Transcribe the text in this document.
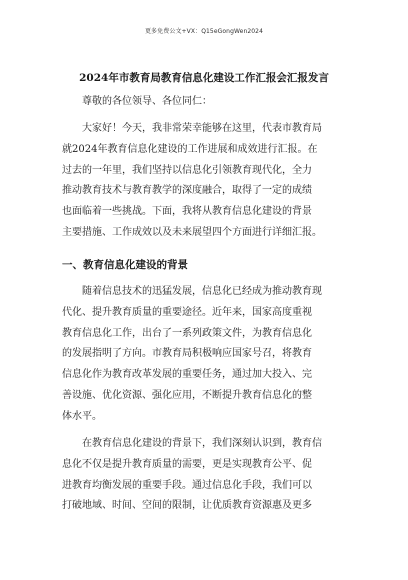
更多免费公文+VX：Q15eGongWen2024
2024年市教育局教育信息化建设工作汇报会汇报发言
尊敬的各位领导、各位同仁：
大家好！今天，我非常荣幸能够在这里，代表市教育局
就2024年教育信息化建设的工作进展和成效进行汇报。在
过去的一年里，我们坚持以信息化引领教育现代化，全力
推动教育技术与教育教学的深度融合，取得了一定的成绩
也面临着一些挑战。下面，我将从教育信息化建设的背景
主要措施、工作成效以及未来展望四个方面进行详细汇报。
一、教育信息化建设的背景
随着信息技术的迅猛发展，信息化已经成为推动教育现
代化、提升教育质量的重要途径。近年来，国家高度重视
教育信息化工作，出台了一系列政策文件，为教育信息化
的发展指明了方向。市教育局积极响应国家号召，将教育
信息化作为教育改革发展的重要任务，通过加大投入、完
善设施、优化资源、强化应用，不断提升教育信息化的整
体水平。
在教育信息化建设的背景下，我们深刻认识到，教育信
息化不仅是提升教育质量的需要，更是实现教育公平、促
进教育均衡发展的重要手段。通过信息化手段，我们可以
打破地域、时间、空间的限制，让优质教育资源惠及更多
